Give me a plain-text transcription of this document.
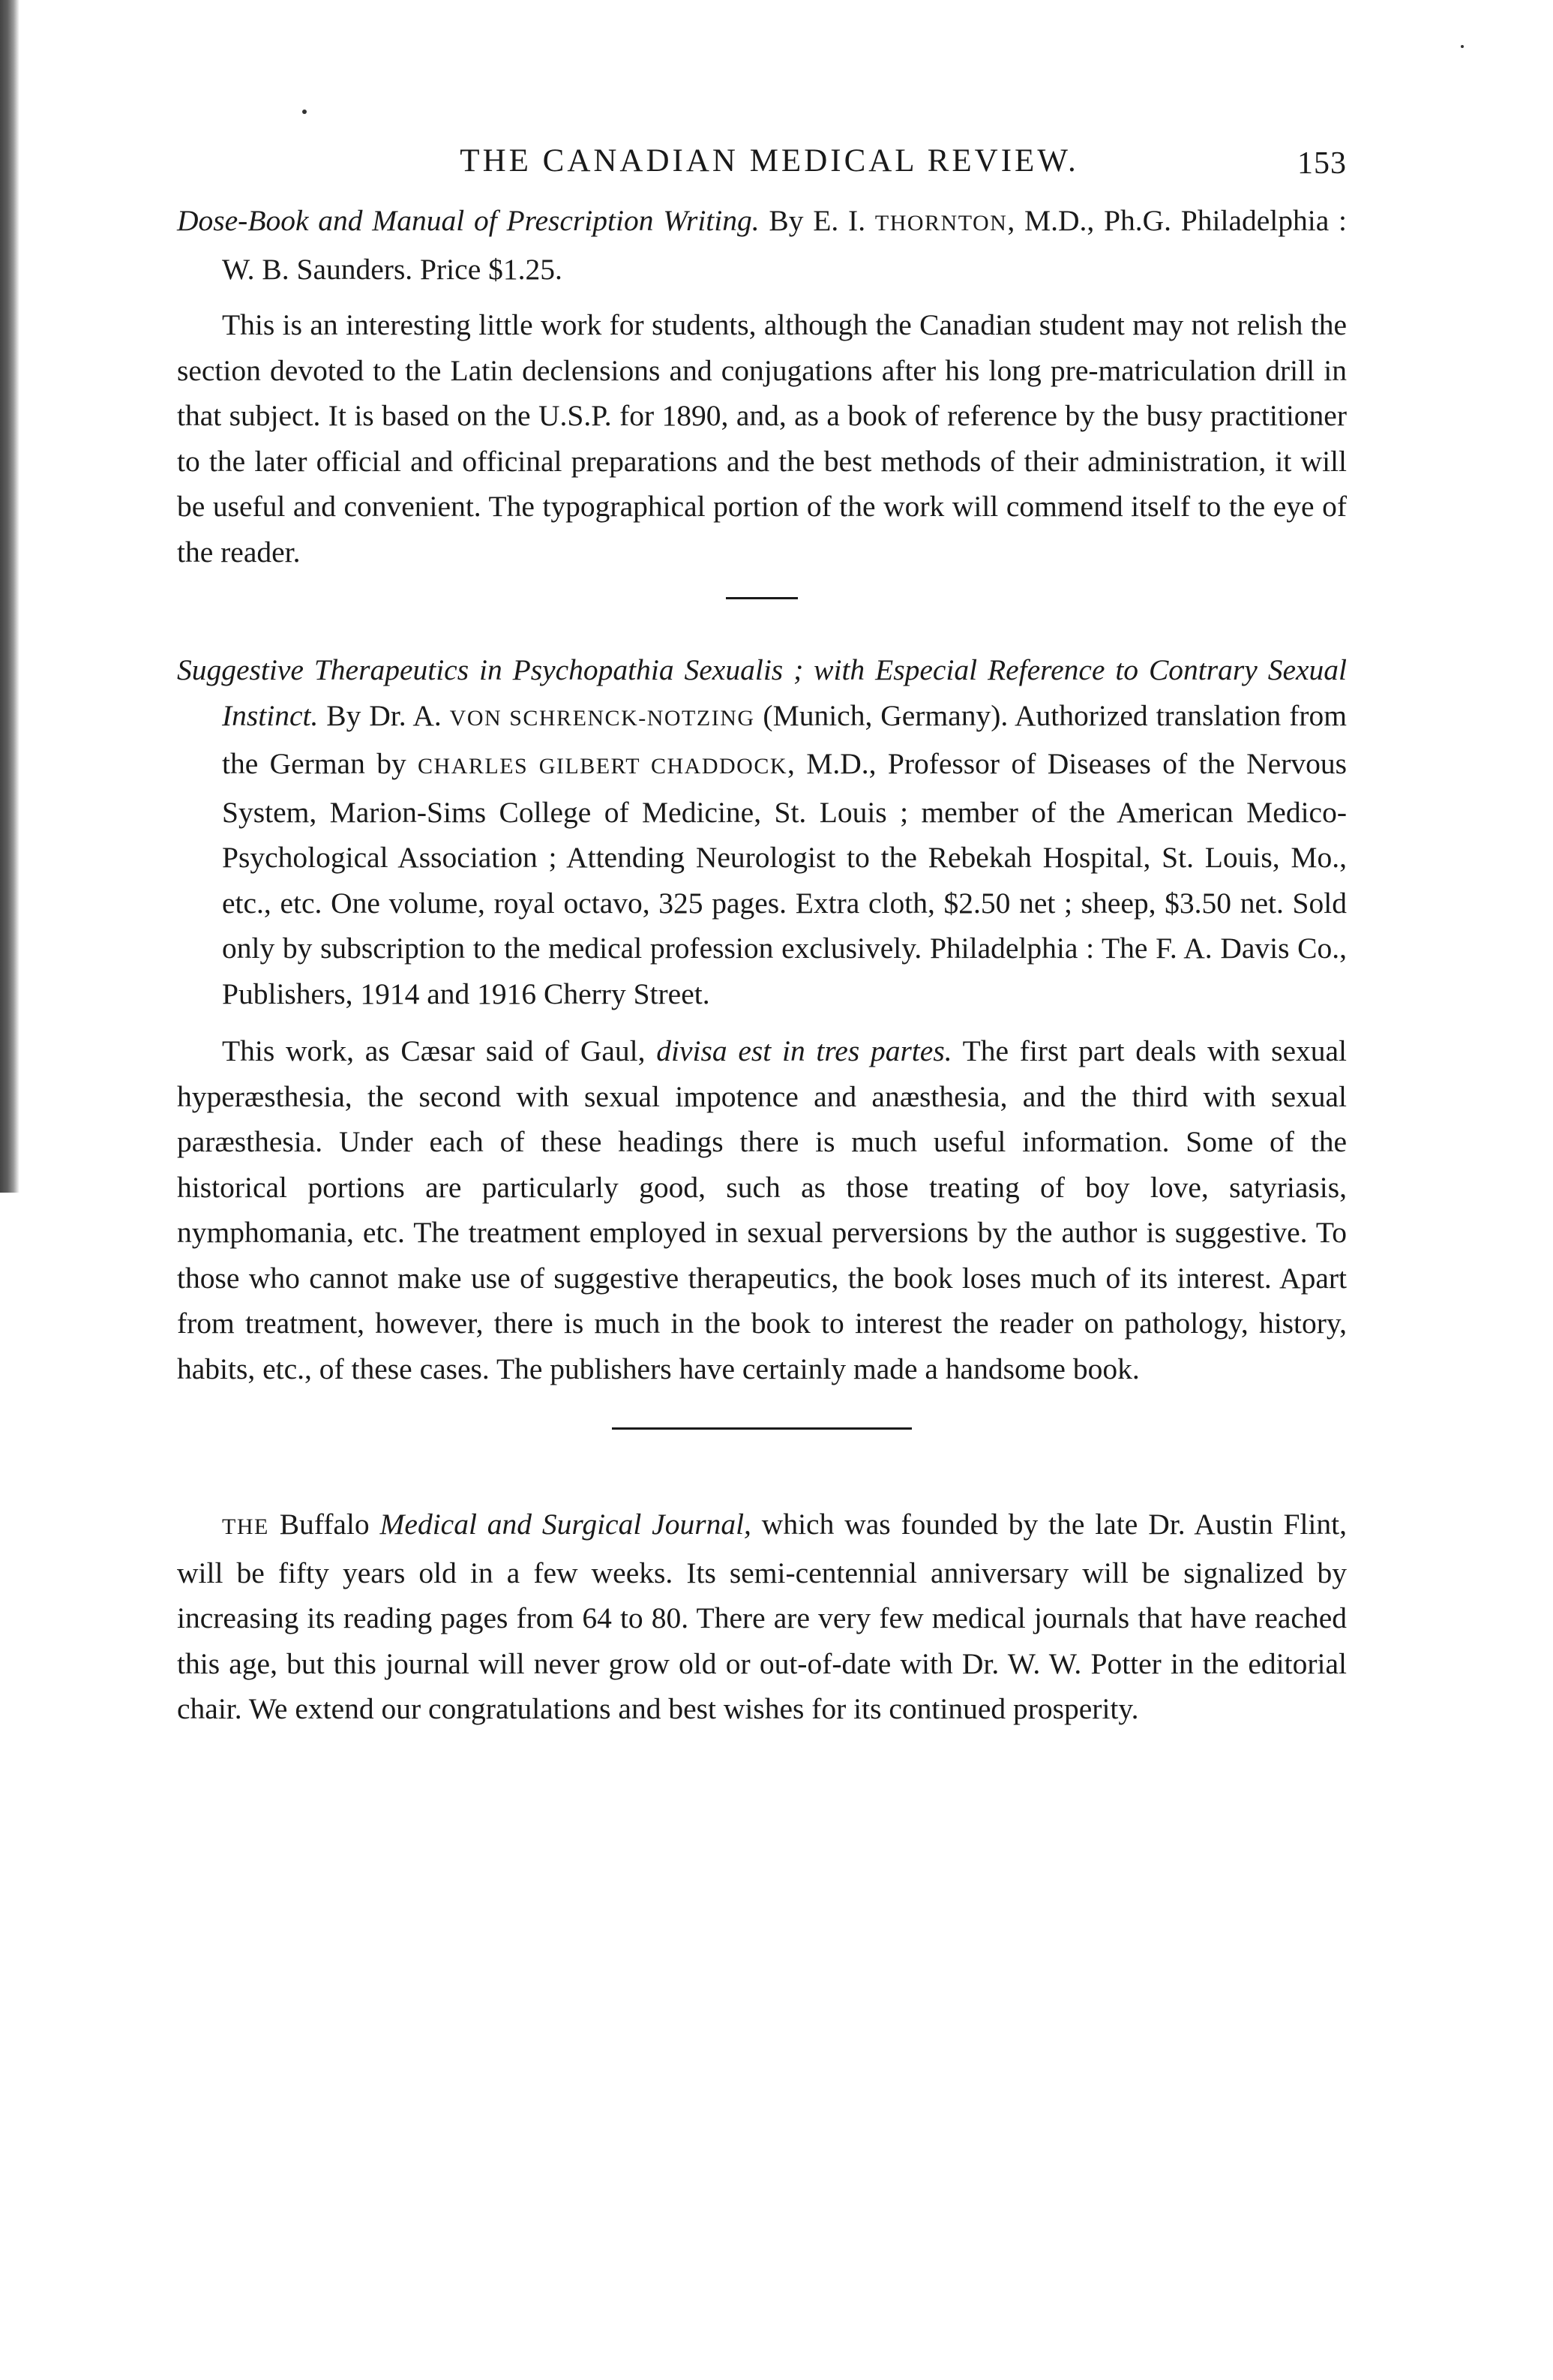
THE CANADIAN MEDICAL REVIEW.	153

Dose-Book and Manual of Prescription Writing. By E. I. THORNTON, M.D., Ph.G. Philadelphia : W. B. Saunders. Price $1.25.

This is an interesting little work for students, although the Canadian student may not relish the section devoted to the Latin declensions and conjugations after his long pre-matriculation drill in that subject. It is based on the U.S.P. for 1890, and, as a book of reference by the busy practitioner to the later official and officinal preparations and the best methods of their administration, it will be useful and convenient. The typographical portion of the work will commend itself to the eye of the reader.

Suggestive Therapeutics in Psychopathia Sexualis ; with Especial Reference to Contrary Sexual Instinct. By Dr. A. VON SCHRENCK-NOTZING (Munich, Germany). Authorized translation from the German by CHARLES GILBERT CHADDOCK, M.D., Professor of Diseases of the Nervous System, Marion-Sims College of Medicine, St. Louis ; member of the American Medico-Psychological Association ; Attending Neurologist to the Rebekah Hospital, St. Louis, Mo., etc., etc. One volume, royal octavo, 325 pages. Extra cloth, $2.50 net ; sheep, $3.50 net. Sold only by subscription to the medical profession exclusively. Philadelphia : The F. A. Davis Co., Publishers, 1914 and 1916 Cherry Street.

This work, as Cæsar said of Gaul, divisa est in tres partes. The first part deals with sexual hyperæsthesia, the second with sexual impotence and anæsthesia, and the third with sexual paræsthesia. Under each of these headings there is much useful information. Some of the historical portions are particularly good, such as those treating of boy love, satyriasis, nymphomania, etc. The treatment employed in sexual perversions by the author is suggestive. To those who cannot make use of suggestive therapeutics, the book loses much of its interest. Apart from treatment, however, there is much in the book to interest the reader on pathology, history, habits, etc., of these cases. The publishers have certainly made a handsome book.

THE Buffalo Medical and Surgical Journal, which was founded by the late Dr. Austin Flint, will be fifty years old in a few weeks. Its semi-centennial anniversary will be signalized by increasing its reading pages from 64 to 80. There are very few medical journals that have reached this age, but this journal will never grow old or out-of-date with Dr. W. W. Potter in the editorial chair. We extend our congratulations and best wishes for its continued prosperity.
